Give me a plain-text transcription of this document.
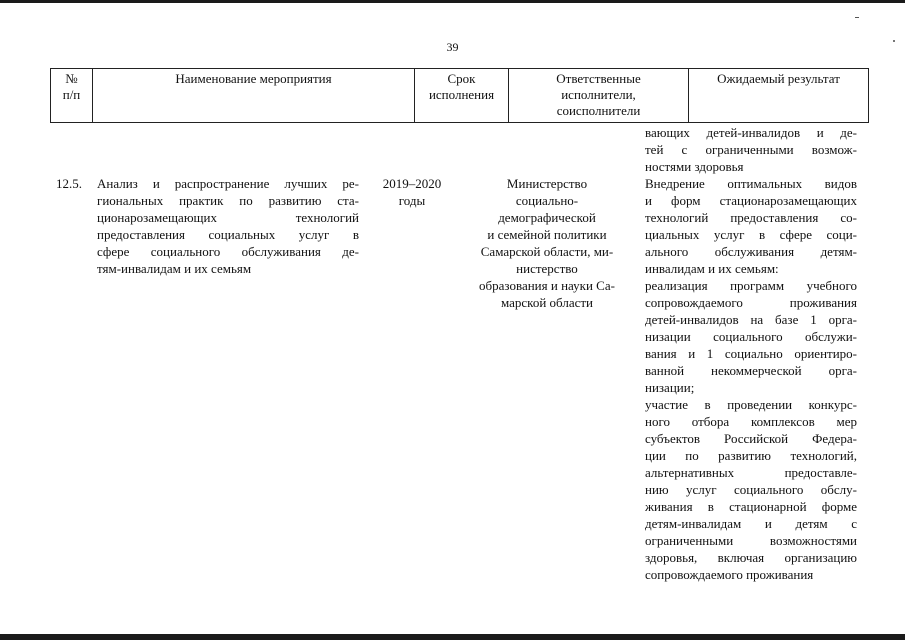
39
№
п/п
Наименование мероприятия	Срок
исполнения
Ответственные
исполнители,
соисполнители
Ожидаемый результат
вающих детей-инвалидов и де-
тей с ограниченными возмож-
ностями здоровья
12.5.	Анализ и распространение лучших ре-
гиональных практик по развитию ста-
ционарозамещающих технологий
предоставления социальных услуг в
сфере социального обслуживания де-
тям-инвалидам и их семьям
2019–2020
годы
Министерство
социально-
демографической
и семейной политики
Самарской области, ми-
нистерство
образования и науки Са-
марской области
Внедрение оптимальных видов
и форм стационарозамещающих
технологий предоставления со-
циальных услуг в сфере соци-
ального обслуживания детям-
инвалидам и их семьям:
реализация программ учебного
сопровождаемого проживания
детей-инвалидов на базе 1 орга-
низации социального обслужи-
вания и 1 социально ориентиро-
ванной некоммерческой орга-
низации;
участие в проведении конкурс-
ного отбора комплексов мер
субъектов Российской Федера-
ции по развитию технологий,
альтернативных предоставле-
нию услуг социального обслу-
живания в стационарной форме
детям-инвалидам и детям с
ограниченными возможностями
здоровья, включая организацию
сопровождаемого проживания
